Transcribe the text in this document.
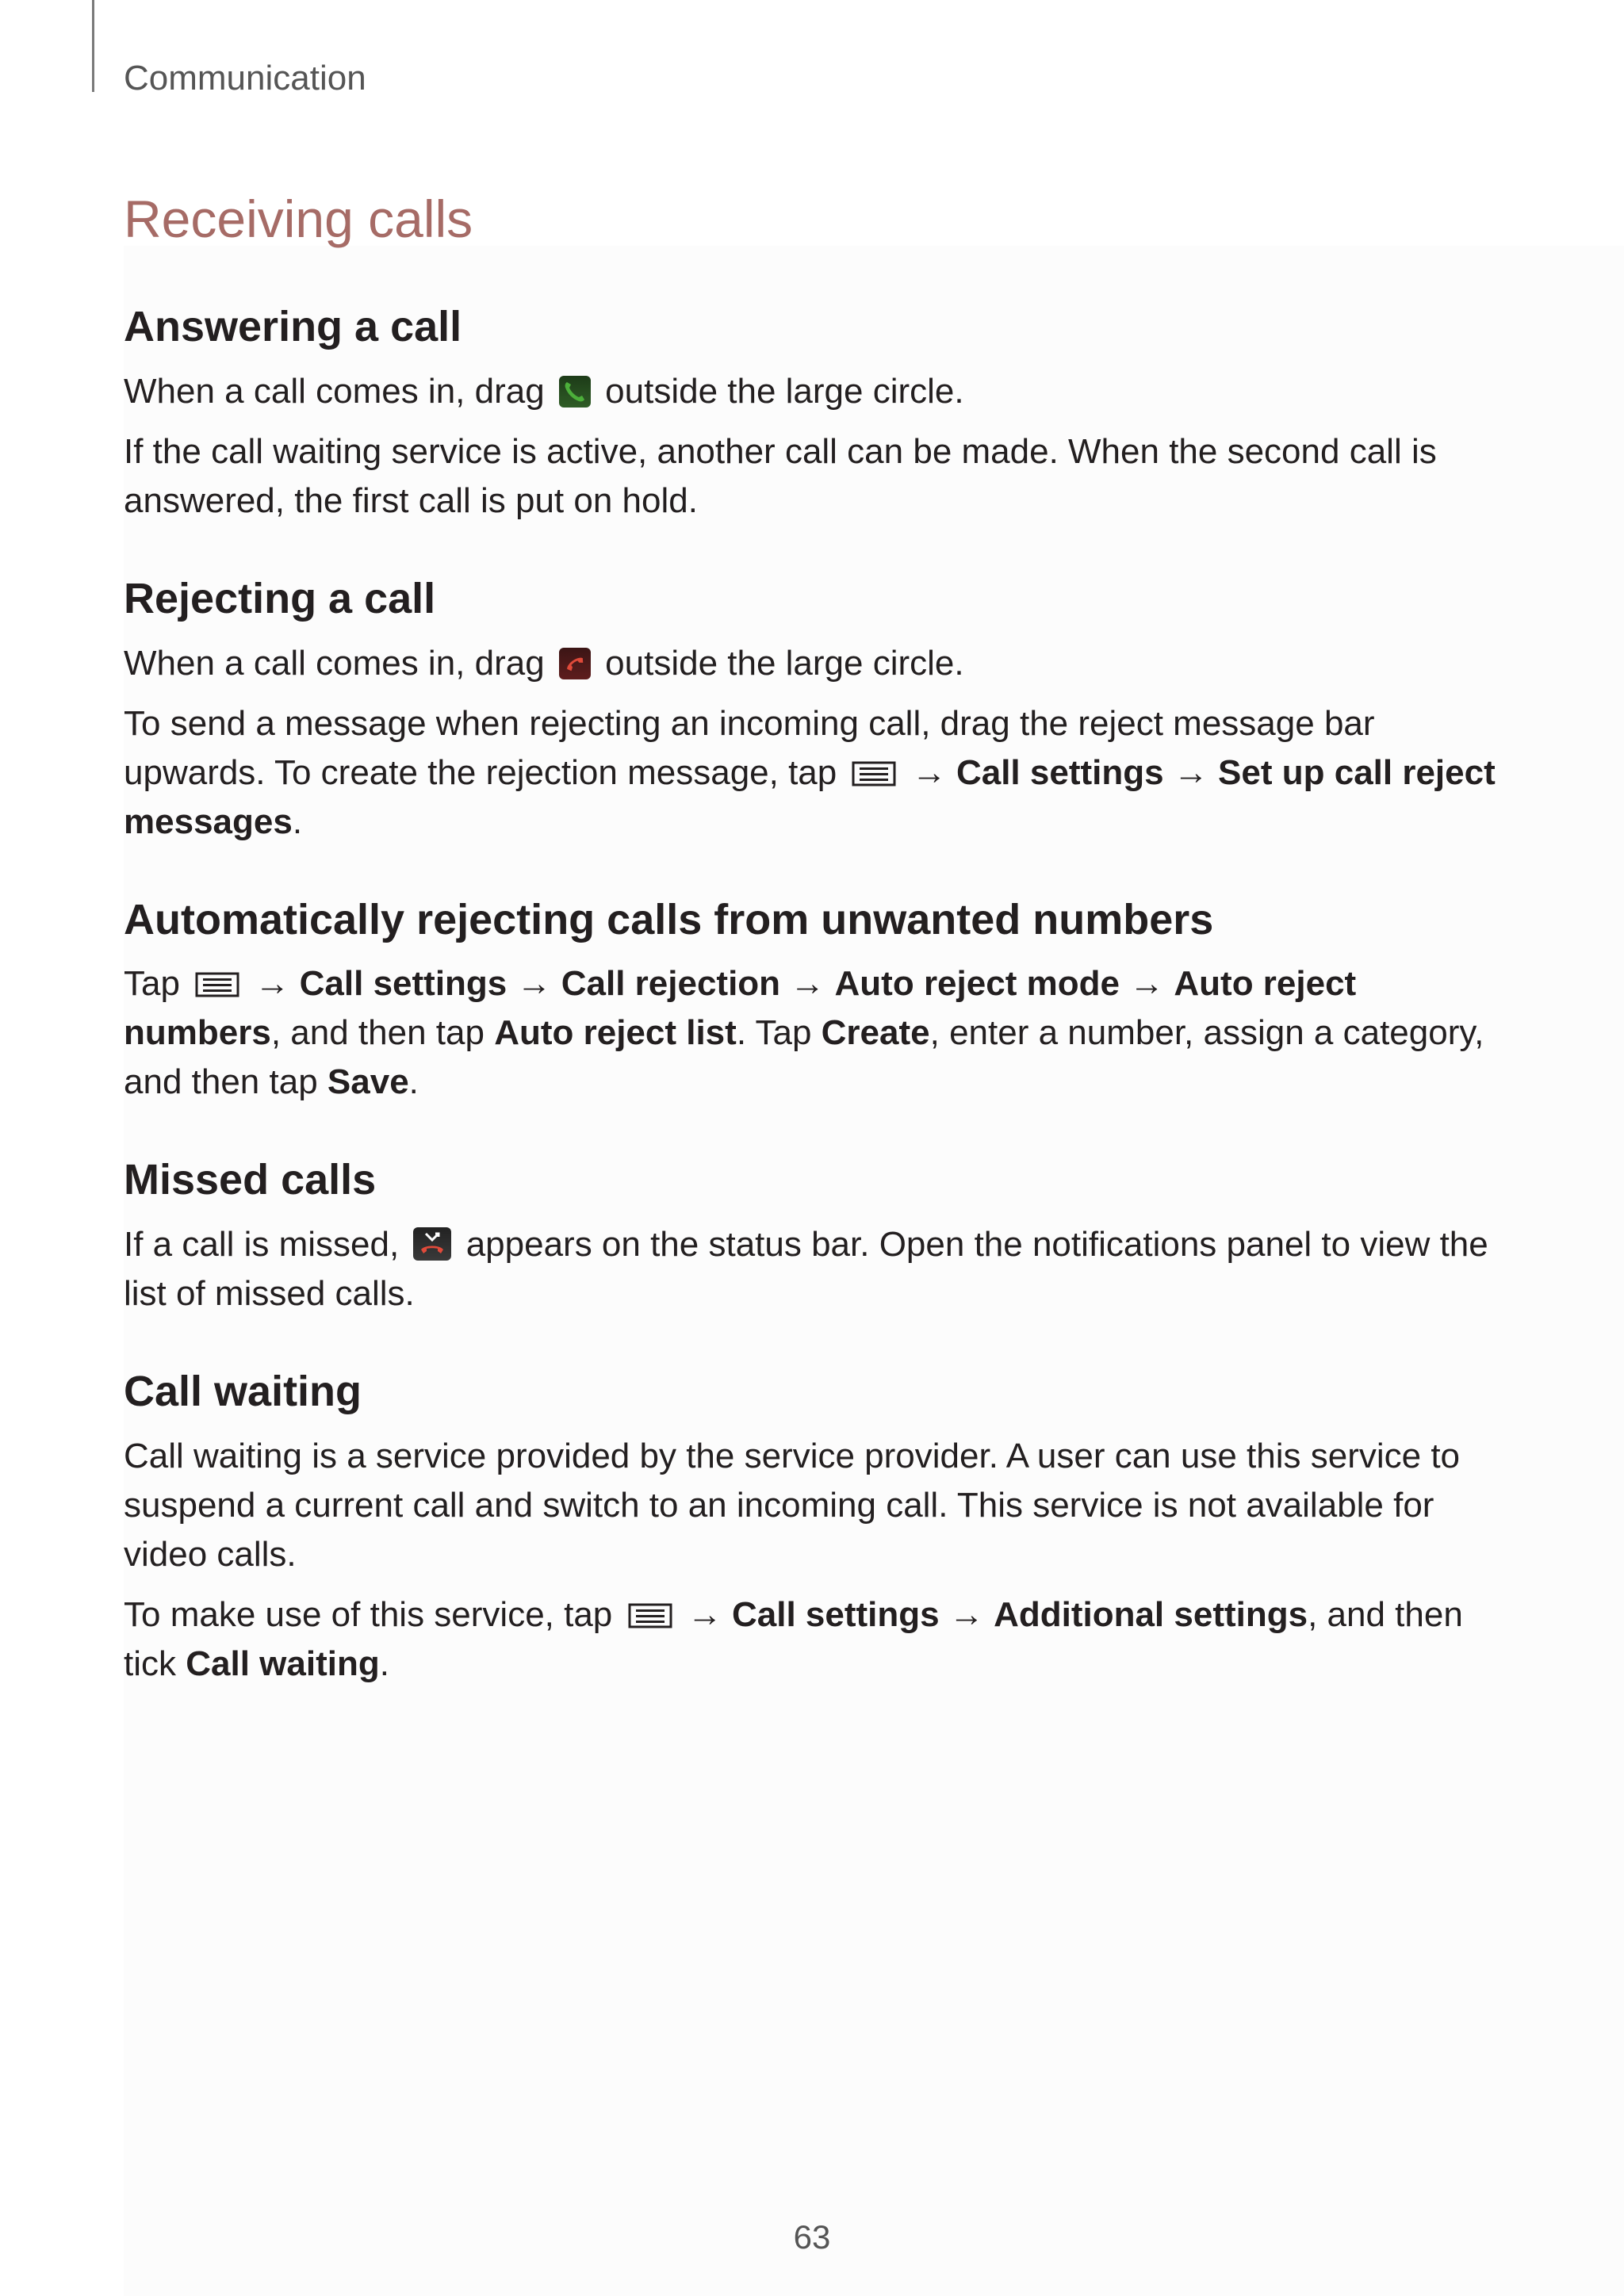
Communication
Receiving calls
Answering a call

When a call comes in, drag outside the large circle.

If the call waiting service is active, another call can be made. When the second call is answered, the first call is put on hold.

Rejecting a call

When a call comes in, drag outside the large circle.

To send a message when rejecting an incoming call, drag the reject message bar upwards. To create the rejection message, tap → Call settings → Set up call reject messages.

Automatically rejecting calls from unwanted numbers

Tap → Call settings → Call rejection → Auto reject mode → Auto reject numbers, and then tap Auto reject list. Tap Create, enter a number, assign a category, and then tap Save.

Missed calls

If a call is missed, appears on the status bar. Open the notifications panel to view the list of missed calls.

Call waiting

Call waiting is a service provided by the service provider. A user can use this service to suspend a current call and switch to an incoming call. This service is not available for video calls.

To make use of this service, tap → Call settings → Additional settings, and then tick Call waiting.

63
